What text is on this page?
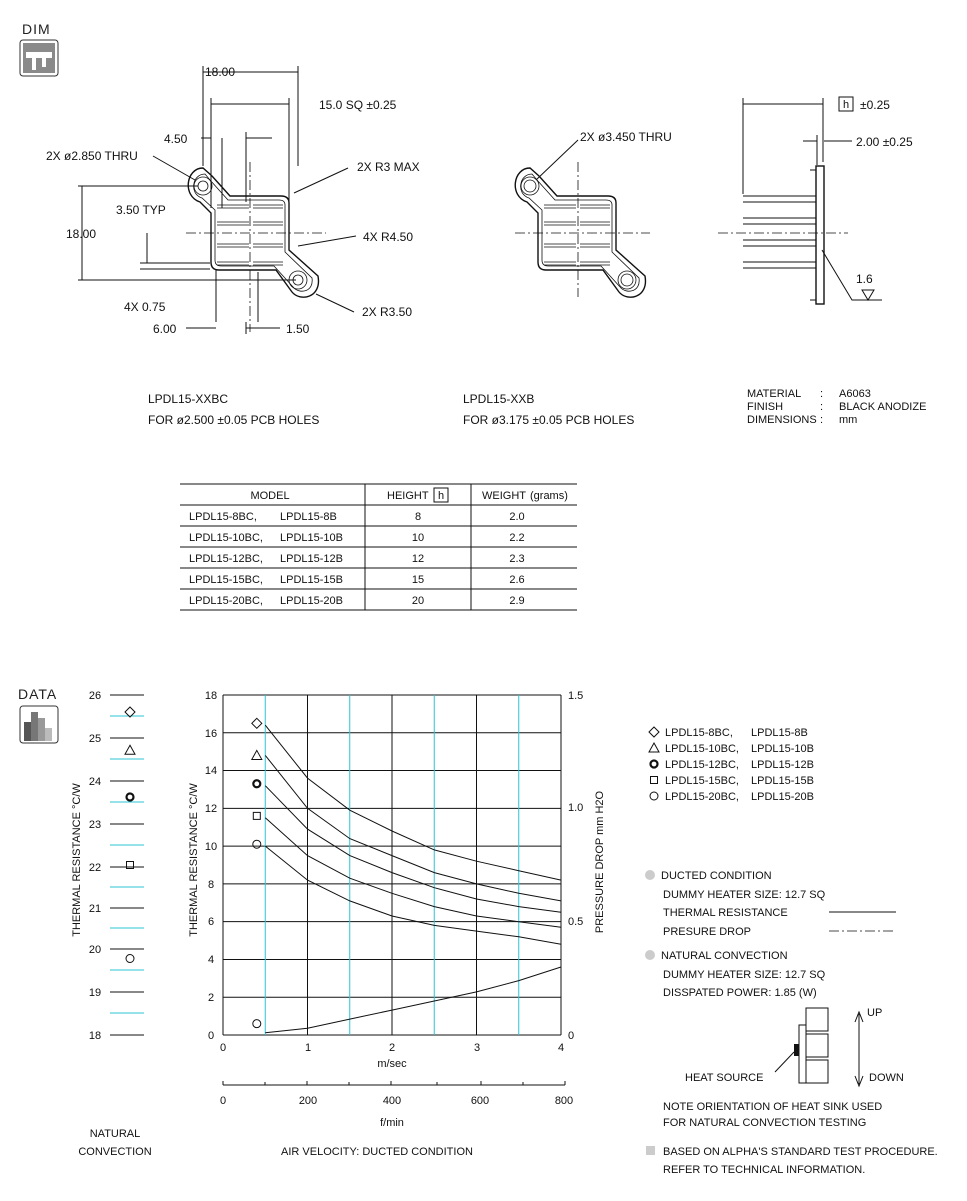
DIM
18.00
15.0 SQ ±0.25
4.50
2X ø2.850 THRU
2X R3 MAX
3.50 TYP
18.00	4X R4.50
4X 0.75	2X R3.50
6.00	1.50
2X ø3.450 THRU
h ±0.25
2.00 ±0.25
1.6
LPDL15-XXBC
FOR ø2.500 ±0.05 PCB HOLES
LPDL15-XXB
FOR ø3.175 ±0.05 PCB HOLES
MATERIAL : A6063
FINISH	: BLACK ANODIZE
DIMENSIONS : mm
MODEL	HEIGHT h	WEIGHT (grams)
LPDL15-8BC, LPDL15-8B	8	2.0
LPDL15-10BC, LPDL15-10B	10	2.2
LPDL15-12BC, LPDL15-12B	12	2.3
LPDL15-15BC, LPDL15-15B	15	2.6
LPDL15-20BC, LPDL15-20B	20	2.9
DATA	26
25
24
23
22
21
20
19
18
THERMAL RESISTANCE °C/W
NATURAL
CONVECTION
18
16
14
12
10
8
6
4
2
0
1.5
1.0
0.5
0
0	1	2	3	4
0	200	400	600	800
THERMAL RESISTANCE °C/W	PRESSURE DROP mm H2O
m/sec
f/min
AIR VELOCITY: DUCTED CONDITION
LPDL15-8BC, LPDL15-8B
LPDL15-10BC, LPDL15-10B
LPDL15-12BC, LPDL15-12B
LPDL15-15BC, LPDL15-15B
LPDL15-20BC, LPDL15-20B
DUCTED CONDITION
DUMMY HEATER SIZE: 12.7 SQ
THERMAL RESISTANCE
PRESURE DROP
NATURAL CONVECTION
DUMMY HEATER SIZE: 12.7 SQ
DISSPATED POWER: 1.85 (W)
UP
DOWN
HEAT SOURCE
NOTE ORIENTATION OF HEAT SINK USED
FOR NATURAL CONVECTION TESTING
BASED ON ALPHA'S STANDARD TEST PROCEDURE.
REFER TO TECHNICAL INFORMATION.
